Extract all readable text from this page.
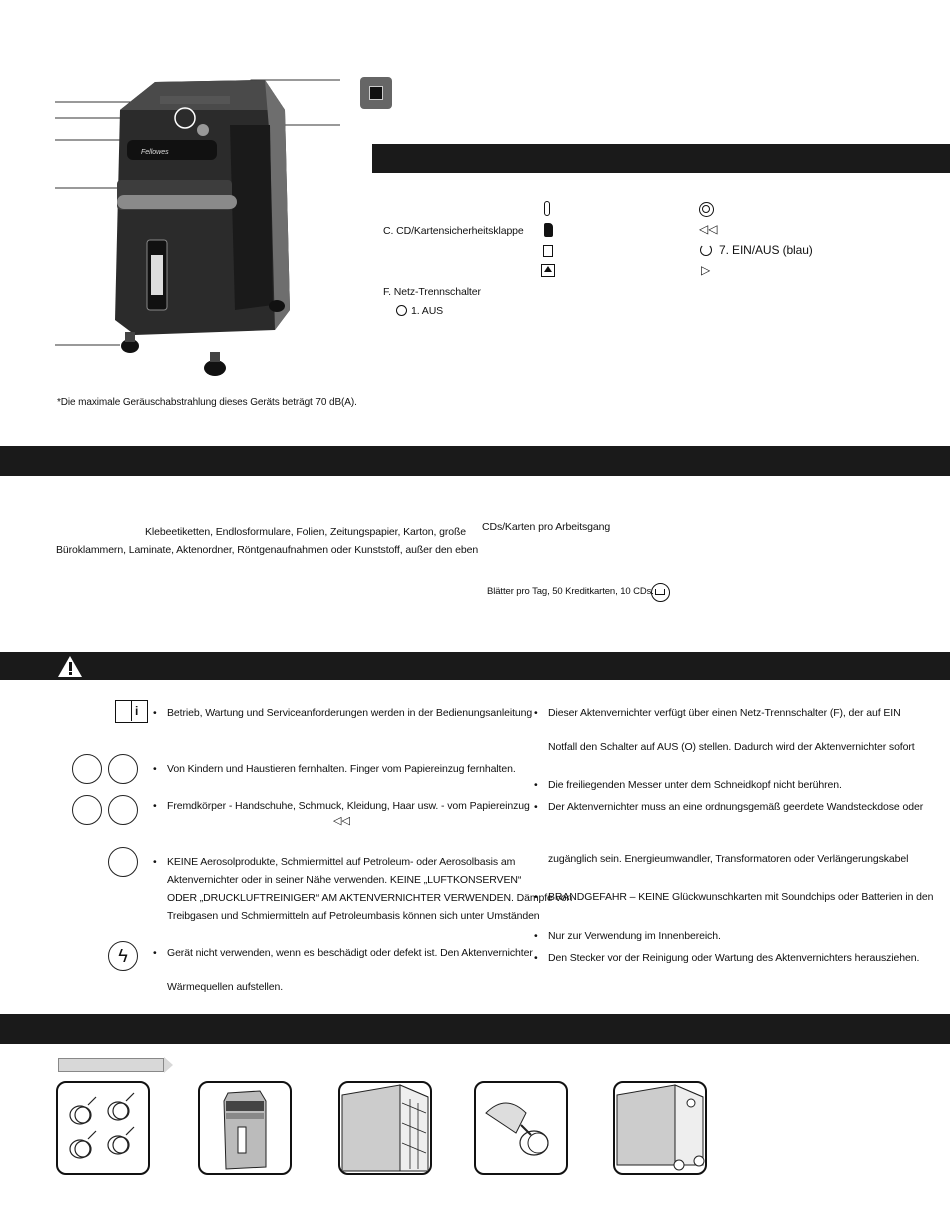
Fellowes
*Die maximale Geräuschabstrahlung dieses Geräts beträgt 70 dB(A).
C. CD/Kartensicherheitsklappe
F. Netz-Trennschalter
1. AUS
◁◁
7. EIN/AUS (blau)
▷
Klebeetiketten, Endlosformulare, Folien, Zeitungspapier, Karton, große
Büroklammern, Laminate, Aktenordner, Röntgenaufnahmen oder Kunststoff, außer den eben
CDs/Karten pro Arbeitsgang
Blätter pro Tag, 50 Kreditkarten, 10 CDs.
i
ϟ
• Betrieb, Wartung und Serviceanforderungen werden in der Bedienungsanleitung
• Von Kindern und Haustieren fernhalten. Finger vom Papiereinzug fernhalten.
• Fremdkörper - Handschuhe, Schmuck, Kleidung, Haar usw. - vom Papiereinzug
◁◁
• KEINE Aerosolprodukte, Schmiermittel auf Petroleum- oder Aerosolbasis am
Aktenvernichter oder in seiner Nähe verwenden. KEINE „LUFTKONSERVEN“
ODER „DRUCKLUFTREINIGER“ AM AKTENVERNICHTER VERWENDEN. Dämpfe von
Treibgasen und Schmiermitteln auf Petroleumbasis können sich unter Umständen
• Gerät nicht verwenden, wenn es beschädigt oder defekt ist. Den Aktenvernichter
Wärmequellen aufstellen.
• Dieser Aktenvernichter verfügt über einen Netz-Trennschalter (F), der auf EIN
Notfall den Schalter auf AUS (O) stellen. Dadurch wird der Aktenvernichter sofort
• Die freiliegenden Messer unter dem Schneidkopf nicht berühren.
• Der Aktenvernichter muss an eine ordnungsgemäß geerdete Wandsteckdose oder
zugänglich sein. Energieumwandler, Transformatoren oder Verlängerungskabel
• BRANDGEFAHR – KEINE Glückwunschkarten mit Soundchips oder Batterien in den
• Nur zur Verwendung im Innenbereich.
• Den Stecker vor der Reinigung oder Wartung des Aktenvernichters herausziehen.
